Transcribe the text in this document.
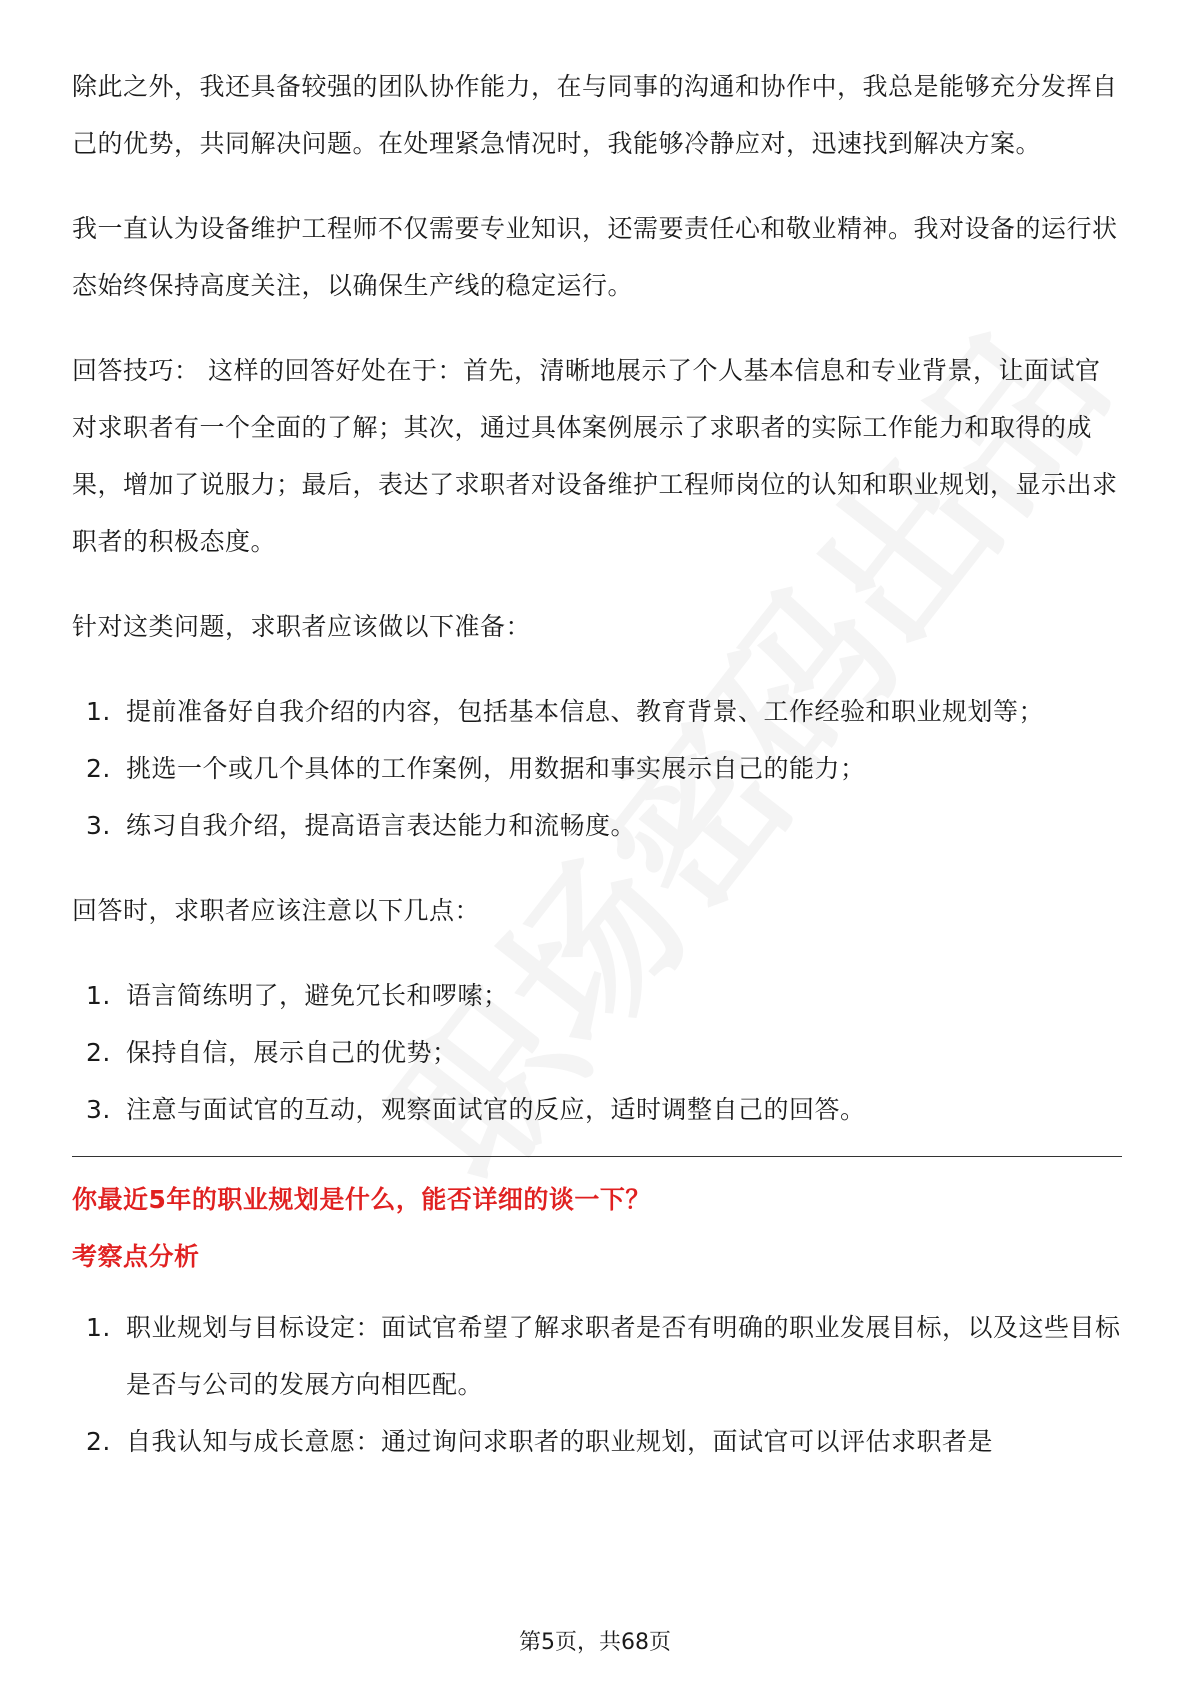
除此之外，我还具备较强的团队协作能力，在与同事的沟通和协作中，我总是能够充分发挥自己的优势，共同解决问题。在处理紧急情况时，我能够冷静应对，迅速找到解决方案。

我一直认为设备维护工程师不仅需要专业知识，还需要责任心和敬业精神。我对设备的运行状态始终保持高度关注，以确保生产线的稳定运行。

回答技巧： 这样的回答好处在于：首先，清晰地展示了个人基本信息和专业背景，让面试官对求职者有一个全面的了解；其次，通过具体案例展示了求职者的实际工作能力和取得的成果，增加了说服力；最后，表达了求职者对设备维护工程师岗位的认知和职业规划，显示出求职者的积极态度。

针对这类问题，求职者应该做以下准备：

1. 提前准备好自我介绍的内容，包括基本信息、教育背景、工作经验和职业规划等；
2. 挑选一个或几个具体的工作案例，用数据和事实展示自己的能力；
3. 练习自我介绍，提高语言表达能力和流畅度。

回答时，求职者应该注意以下几点：

1. 语言简练明了，避免冗长和啰嗦；
2. 保持自信，展示自己的优势；
3. 注意与面试官的互动，观察面试官的反应，适时调整自己的回答。

你最近5年的职业规划是什么，能否详细的谈一下？

考察点分析

1. 职业规划与目标设定：面试官希望了解求职者是否有明确的职业发展目标，以及这些目标是否与公司的发展方向相匹配。
2. 自我认知与成长意愿：通过询问求职者的职业规划，面试官可以评估求职者是
第5页，共68页
